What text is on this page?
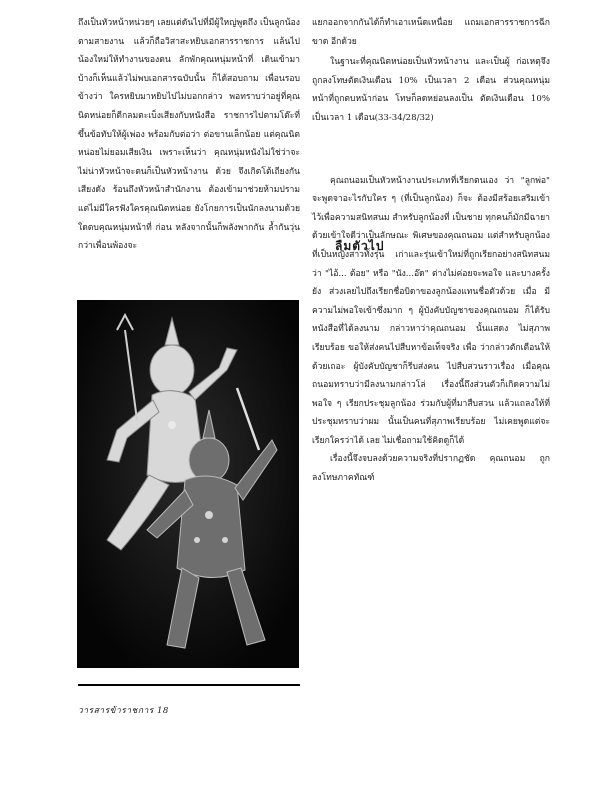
ถึงเป็นหัวหน้าหน่วยๆ เลยแต่ดันไปที่มีผู้ใหญ่พูดถึง เป็นลูกน้องตามสายงาน แล้วก็ถือวิสาสะหยิบเอกสารราชการ แล้นไปน้องใหม่ให้ทำงานของตน ลักพักคุณหนุ่มหน้าที่ เดินเข้ามาบ้างก็เห็นแล้วไม่พบเอกสารฉบับนั้น ก็ได้สอบถาม เพื่อนรอบข้างว่า ใครหยิบมาหยิบไปไม่บอกกล่าว พอทราบว่าอยู่ที่คุณนิตหน่อยก็ตีกลมตะเบ็งเสียงกับหนังสือ ราชการไปตามโต๊ะที่ขึ้นข้อทับให้ผู้เพ่อง พร้อมกับต่อว่า ต่อขานเล็กน้อย แต่คุณนิตหน่อยไม่ยอมเสียเงิน เพราะเห็นว่า คุณหนุ่มหนังไม่ใช่ว่าจะไม่น่าหัวหน้าจะตนก็เป็นหัวหน้างาน ด้วย จึงเกิดโต้เถียงกันเสียงดัง ร้อนถึงหัวหน้าสำนักงาน ต้องเข้ามาช่วยห้ามปราม แต่ไม่มีใครฟังใครคุณนิตหน่อย ยังโกยการเป็นนักลงนามด้วยใดตบคุณหนุ่มหน้าที่ ก่อน หลังจากนั้นก็พลังพากกัน ล้ำกันวุ่น กว่าเพื่อนพ้องจะ

แยกออกจากกันได้ก็ทำเอาเหน็ดเหนื่อย แถมเอกสารราชการฉีกขาด อีกด้วย

ในฐานะที่คุณนิตหน่อยเป็นหัวหน้างาน และเป็นผู้ ก่อเหตุจึงถูกลงโทษตัดเงินเดือน 10% เป็นเวลา 2 เดือน ส่วนคุณหนุ่มหน้าที่ถูกตบหน้าก่อน โทษก็ลดหย่อนลงเป็น ตัดเงินเดือน 10% เป็นเวลา 1 เดือน(33-34/28/32)

คุณถนอมเป็นหัวหน้างานประเภทที่เรียกตนเอง ว่า "ลูกพ่อ" จะพูดจาอะไรกับใคร ๆ (ที่เป็นลูกน้อง) ก็จะ ต้องมีสร้อยเสริมเข้าไว้เพื่อความสนิทสนม สำหรับลูกน้องที่ เป็นชาย ทุกคนก็มักมีฉายาด้วยเข้าใจดีว่าเป็นลักษณะ พิเศษของคุณถนอม แต่สำหรับลูกน้องที่เป็นหญิงสาวทั้งรุ่น เก่าและรุ่นเข้าใหม่ที่ถูกเรียกอย่างสนิทสนมว่า "ไอ้... ต้อย" หรือ "นัง...อ๊ด" ต่างไม่ค่อยจะพอใจ และบางครั้งยัง ส่วงเลยไปถึงเรียกชื่อบิดาของลูกน้องแทนชื่อตัวด้วย เมื่อ มีความไม่พอใจเข้าซึ่งมาก ๆ ผู้บังคับบัญชาของคุณถนอม ก็ได้รับหนังสือที่ได้ลงนาม กล่าวหาว่าคุณถนอม นั้นแสดง ไม่สุภาพเรียบร้อย ขอให้ส่งคนไปสืบหาข้อเท็จจริง เพื่อ ว่ากล่าวตักเตือนให้ด้วยเถอะ ผู้บังคับบัญชาก็รีบส่งคน ไปสืบสวนราวเรื่อง เมื่อคุณถนอมทราบว่ามีลงนามกล่าวโล่ เรื่องนี้ถึงส่วนตัวก็เกิดความไม่พอใจ ๆ เรียกประชุมลูกน้อง ร่วมกับผู้ที่มาสืบสวน แล้วแถลงให้ที่ประชุมทราบว่าผม นั้นเป็นคนที่สุภาพเรียบร้อย ไม่เคยพูดแต่จะเรียกใครว่าได้ เลย ไม่เชื่อถามใช้คิดดูก็ได้

เรื่องนี้จึงจบลงด้วยความจริงที่ปรากฏชัด คุณถนอม ถูกลงโทษภาคทัณฑ์

ลืมตัวไป
วารสารข้าราชการ 18
